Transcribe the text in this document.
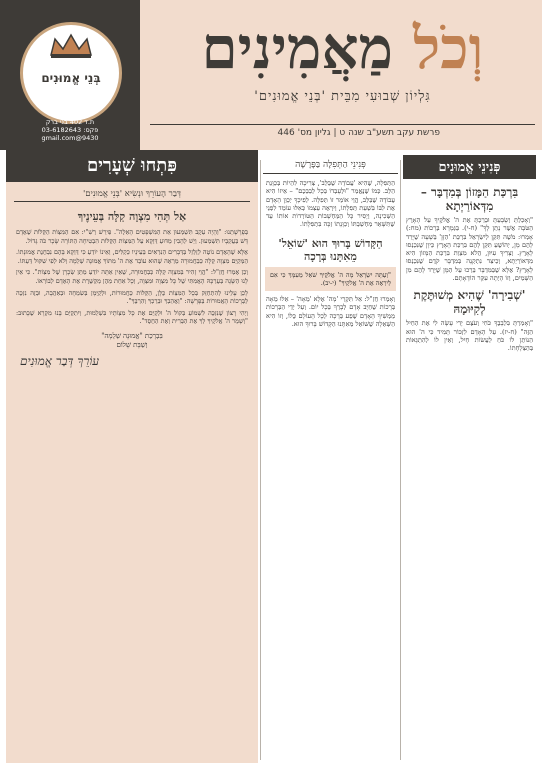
בְּנֵי אֱמוּנִים
ת.ד 402 בני ברק
פקס: 03-6182643
9430@gmail.com
וְכֹל מַאֲמִינִים
גִּלְיוֹן שְׁבוּעִי מִבֵּית 'בְּנֵי אֱמוּנִים'
פרשת עקב תשע"ב שנה ט | גליון מס' 446
פְּנִינֵי אֱמוּנִים
בִּרְכַּת הַמָּזוֹן בְּמִדְבָּר – מִדְּאוֹרַיְתָא
"וְאָכַלְתָּ וְשָׂבָעְתָּ וּבֵרַכְתָּ אֶת ה' אֱלֹקֶיךָ עַל הָאָרֶץ הַטֹּבָה אֲשֶׁר נָתַן לָךְ" (ח-י). בַּגְּמָרָא בְּרָכוֹת (מח:) אָמְרוּ: מֹשֶׁה תִּקֵּן לְיִשְׂרָאֵל בִּרְכַּת 'הַזָּן' בְּשָׁעָה שֶׁיָּרַד לָהֶם מָן, יְהוֹשֻׁעַ תִּקֵּן לָהֶם בִּרְכַּת הָאָרֶץ כֵּיוָן שֶׁנִּכְנְסוּ לָאָרֶץ. וְצָרִיךְ עִיּוּן, הֲלֹא מִצְוַת בִּרְכַּת הַמָּזוֹן הִיא מִדְּאוֹרַיְתָא, וְכֵיצַד נִתְקְנָה בְּמִדְבָּר קֹדֶם שֶׁנִּכְנְסוּ לָאָרֶץ? אֶלָּא שֶׁבַּמִּדְבָּר בֵּרְכוּ עַל הַמָּן שֶׁיָּרַד לָהֶם מִן הַשָּׁמַיִם, וְזוֹ הָיְתָה עִקַּר הוֹדָאָתָם.
'שְׁבִירָה' שֶׁהִיא מְשׁוּתֶּקֶת לְקִיּוּמָהּ
"וְאָמַרְתָּ בִּלְבָבֶךָ כֹּחִי וְעֹצֶם יָדִי עָשָׂה לִי אֶת הַחַיִל הַזֶּה" (ח-יז). עַל הָאָדָם לִזְכּוֹר תָּמִיד כִּי ה' הוּא הַנּוֹתֵן לוֹ כֹּחַ לַעֲשׂוֹת חָיִל, וְאֵין לוֹ לְהִתְגָּאוֹת בְּהַצְלָחָתוֹ.
פְּנִינֵי הַתְּפִלָּה בַּפָּרָשָׁה
הַתְּפִלָּה, שֶׁהִיא 'עֲבוֹדָה שֶׁבַּלֵּב', צְרִיכָה לִהְיוֹת בְּכַוָּנַת הַלֵּב. כְּמוֹ שֶׁנֶּאֱמַר "וּלְעָבְדוֹ בְּכָל לְבַבְכֶם" – אֵיזוֹ הִיא עֲבוֹדָה שֶׁבַּלֵּב, הֱוֵי אוֹמֵר זוֹ תְּפִלָּה. לְפִיכָךְ יְכַוֵּן הָאָדָם אֶת לִבּוֹ בִּשְׁעַת תְּפִלָּתוֹ, וְיִרְאֶה עַצְמוֹ כְּאִלּוּ עוֹמֵד לִפְנֵי הַשְּׁכִינָה, וְיָסִיר כָּל הַמַּחְשָׁבוֹת הַטּוֹרְדוֹת אוֹתוֹ עַד שֶׁתִּשָּׁאֵר מַחְשַׁבְתּוֹ וְכַוָּנָתוֹ זַכָּה בִּתְפִלָּתוֹ.
הַקָּדוֹשׁ בָּרוּךְ הוּא 'שׁוֹאֵל' מֵאִתָּנוּ בְּרָכָה
"וְעַתָּה יִשְׂרָאֵל מָה ה' אֱלֹקֶיךָ שֹׁאֵל מֵעִמָּךְ כִּי אִם לְיִרְאָה אֶת ה' אֱלֹקֶיךָ" (י-יב).
וְאָמְרוּ חֲזַ"ל: אַל תִּקְרֵי 'מָה' אֶלָּא 'מֵאָה' – אֵלּוּ מֵאָה בְּרָכוֹת שֶׁחַיָּב אָדָם לְבָרֵךְ בְּכָל יוֹם. וְעַל יְדֵי הַבְּרָכוֹת מַמְשִׁיךְ הָאָדָם שֶׁפַע בְּרָכָה לְכָל הָעוֹלָם כֻּלּוֹ, וְזוֹ הִיא הַשְּׁאֵלָה שֶׁשּׁוֹאֵל מֵאִתָּנוּ הַקָּדוֹשׁ בָּרוּךְ הוּא.
פִּתְחוּ שְׁעָרִים
דְּבַר הָעוֹרֵךְ וּנְשִׂיא 'בְּנֵי אֱמוּנִים'
אַל תְּהִי מִצְוָה קַלָּה בְּעֵינֶיךָ

בְּפָרָשָׁתֵנוּ: "וְהָיָה עֵקֶב תִּשְׁמְעוּן אֵת הַמִּשְׁפָּטִים הָאֵלֶּה". פֵּירֵשׁ רַשִׁ"י: אִם הַמִּצְוֹת הַקַּלּוֹת שֶׁאָדָם דָּשׁ בַּעֲקֵבָיו תִּשְׁמְעוּן. וְיֵשׁ לְהָבִין מַדּוּעַ דַּוְקָא עַל הַמִּצְוֹת הַקַּלּוֹת הִבְטִיחָה הַתּוֹרָה שָׂכָר כֹּה גָּדוֹל.

אֶלָּא שֶׁהָאָדָם נוֹטֶה לְזַלְזֵל בַּדְּבָרִים הַנִּרְאִים בְּעֵינָיו כְּקַלִּים, וְאֵינוֹ יוֹדֵעַ כִּי דַּוְקָא בָּהֶם נִבְחֶנֶת אֱמוּנָתוֹ. הַמְּקַיֵּם מִצְוָה קַלָּה כְּבַחֲמוּרָה מַרְאֶה שֶׁהוּא עוֹבֵד אֶת ה' מִתּוֹךְ אֱמוּנָה שְׁלֵמָה וְלֹא לְפִי שִׁקּוּל דַּעְתּוֹ.

וְכֵן אָמְרוּ חֲזַ"ל: "הֱוֵי זָהִיר בְּמִצְוָה קַלָּה כְּבַחֲמוּרָה, שֶׁאֵין אַתָּה יוֹדֵעַ מַתַּן שְׂכָרָן שֶׁל מִצְוֹת". כִּי אֵין לָנוּ הַשָּׂגָה בְּעֶרְכָּהּ הָאֲמִתִּי שֶׁל כָּל מִצְוָה וּמִצְוָה, וְכָל אַחַת מֵהֶן מְקַשֶּׁרֶת אֶת הָאָדָם לְבוֹרְאוֹ.

לָכֵן עָלֵינוּ לְהִתְחַזֵּק בְּכָל הַמִּצְוֹת כֻּלָּן, הַקַּלּוֹת כַּחֲמוּרוֹת, וּלְקַיְּמָן בְּשִׂמְחָה וּבְאַהֲבָה, וּבְזֶה נִזְכֶּה לַבְּרָכוֹת הָאֲמוּרוֹת בַּפָּרָשָׁה: "וַאֲהֵבְךָ וּבֵרַכְךָ וְהִרְבֶּךָ".

וְיְהִי רָצוֹן שֶׁנִּזְכֶּה לִשְׁמוֹעַ בְּקוֹל ה' וּלְקַיֵּם אֶת כָּל מִצְוֹתָיו בִּשְׁלֵמוּת, וְיִתְקַיֵּם בָּנוּ מִקְרָא שֶׁכָּתוּב: "וְשָׁמַר ה' אֱלֹקֶיךָ לְךָ אֶת הַבְּרִית וְאֶת הַחֶסֶד".

בִּבְרָכַת "אֱמוּנָה שְׁלֵמָה"
וְשַׁבָּת שָׁלוֹם
עוֹרֵךְ דְּבַר אֱמוּנִים
